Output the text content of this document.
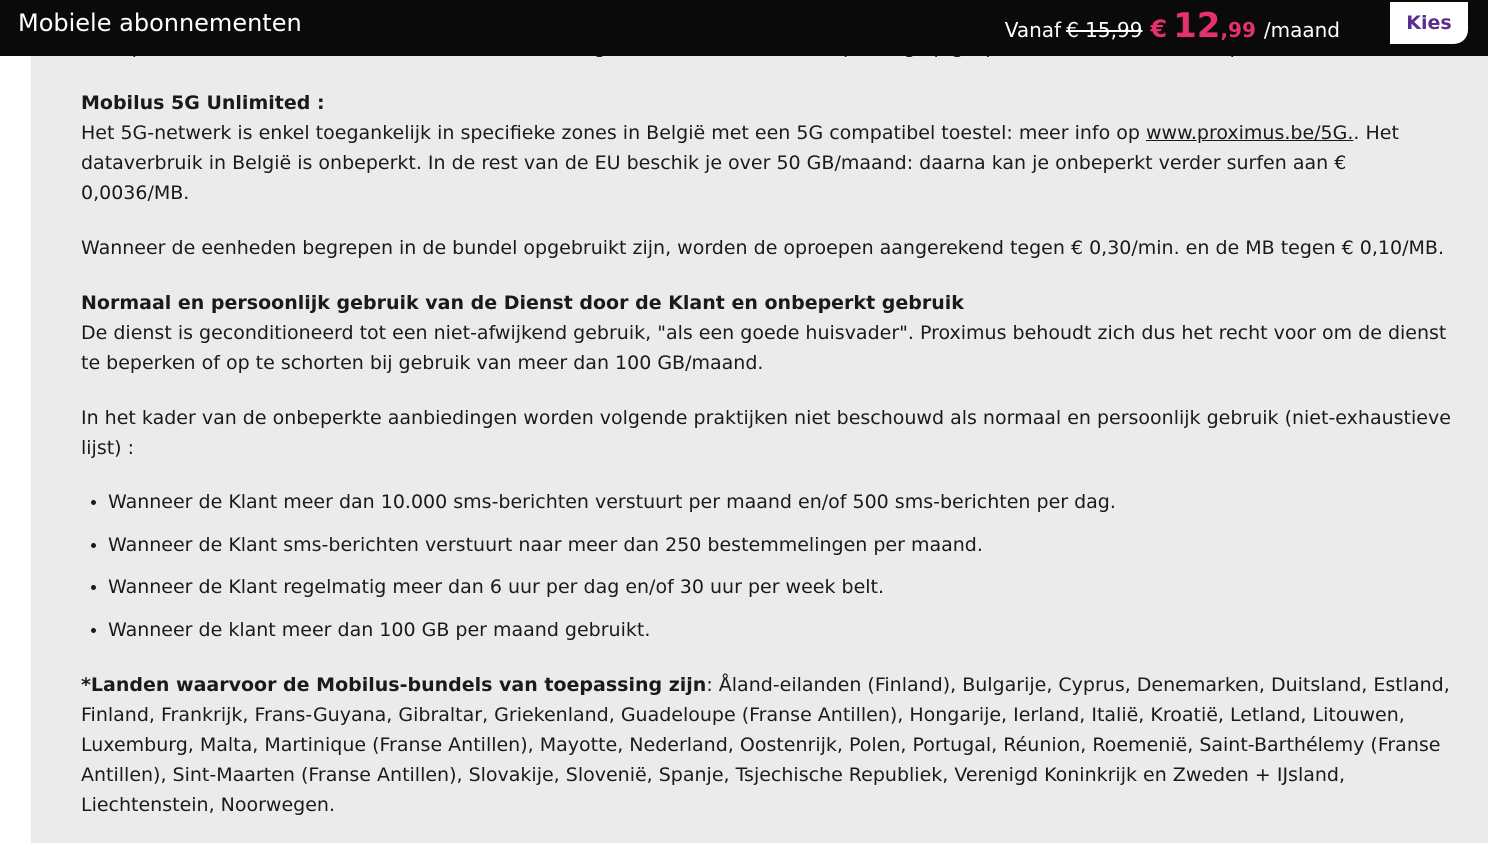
Mobilus 5G Unlimited :
Het 5G-netwerk is enkel toegankelijk in specifieke zones in België met een 5G compatibel toestel: meer info op www.proximus.be/5G.. Het dataverbruik in België is onbeperkt. In de rest van de EU beschik je over 50 GB/maand: daarna kan je onbeperkt verder surfen aan € 0,0036/MB.
Wanneer de eenheden begrepen in de bundel opgebruikt zijn, worden de oproepen aangerekend tegen € 0,30/min. en de MB tegen € 0,10/MB.
Normaal en persoonlijk gebruik van de Dienst door de Klant en onbeperkt gebruik
De dienst is geconditioneerd tot een niet-afwijkend gebruik, "als een goede huisvader". Proximus behoudt zich dus het recht voor om de dienst te beperken of op te schorten bij gebruik van meer dan 100 GB/maand.
In het kader van de onbeperkte aanbiedingen worden volgende praktijken niet beschouwd als normaal en persoonlijk gebruik (niet-exhaustieve lijst) :
Wanneer de Klant meer dan 10.000 sms-berichten verstuurt per maand en/of 500 sms-berichten per dag.
Wanneer de Klant sms-berichten verstuurt naar meer dan 250 bestemmelingen per maand.
Wanneer de Klant regelmatig meer dan 6 uur per dag en/of 30 uur per week belt.
Wanneer de klant meer dan 100 GB per maand gebruikt.
*Landen waarvoor de Mobilus-bundels van toepassing zijn: Åland-eilanden (Finland), Bulgarije, Cyprus, Denemarken, Duitsland, Estland, Finland, Frankrijk, Frans-Guyana, Gibraltar, Griekenland, Guadeloupe (Franse Antillen), Hongarije, Ierland, Italië, Kroatië, Letland, Litouwen, Luxemburg, Malta, Martinique (Franse Antillen), Mayotte, Nederland, Oostenrijk, Polen, Portugal, Réunion, Roemenië, Saint-Barthélemy (Franse Antillen), Sint-Maarten (Franse Antillen), Slovakije, Slovenië, Spanje, Tsjechische Republiek, Verenigd Koninkrijk en Zweden + IJsland, Liechtenstein, Noorwegen.
Mobiele abonnementen	Vanaf € 15,99 € 12 ,99 /maand	Kies
